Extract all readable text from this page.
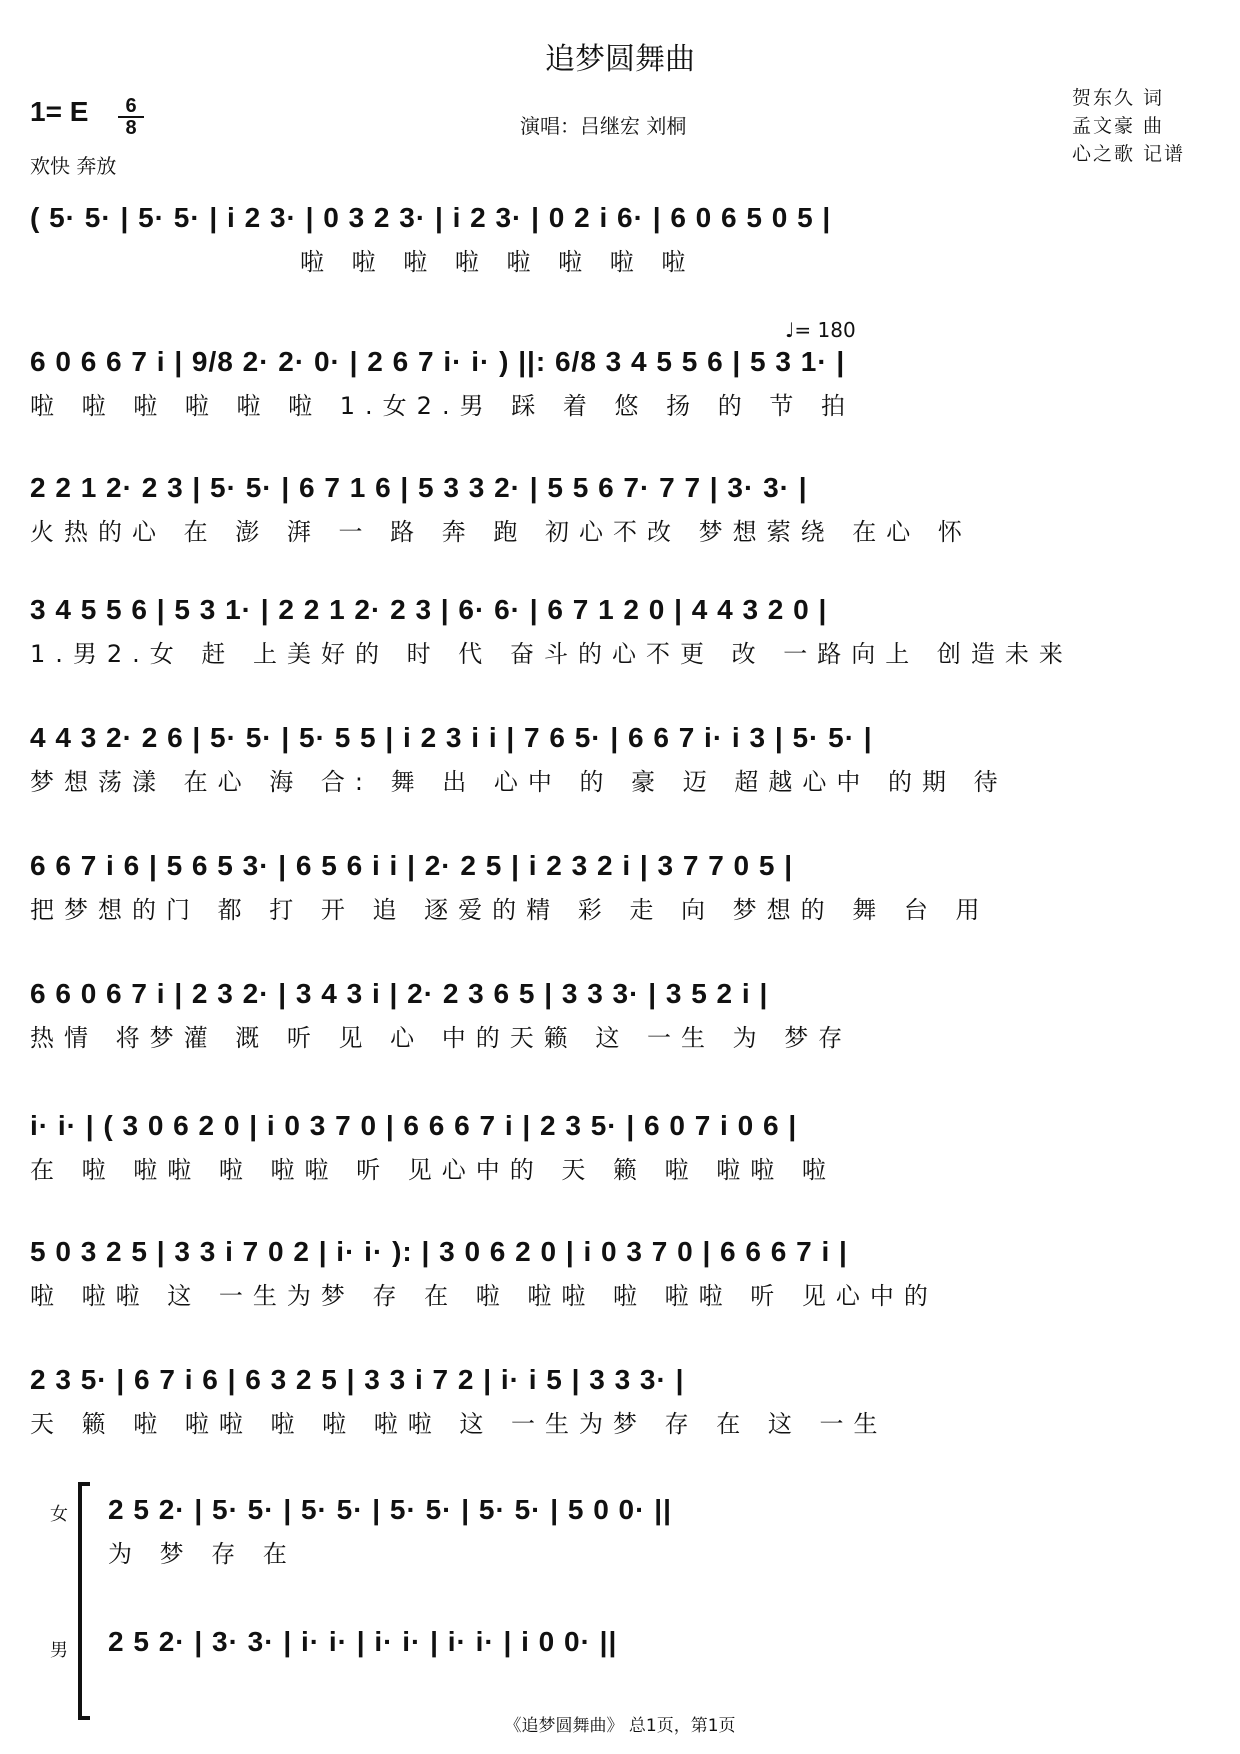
追梦圆舞曲
1= E $\frac{6}{8}$
欢快 奔放
演唱：吕继宏 刘桐
贺东久 词
孟文豪 曲
心之歌 记谱
♩= 180
( 5· 5· | 5· 5· | i 2 3· | 0 3 2 3· | i 2 3· | 0 2 i 6· | 6 0 6 5 0 5 |
啦 啦 啦 啦 啦 啦 啦 啦
6 0 6 6 7 i | 9/8 2· 2· 0· | 2 6 7 i· i· ) ||: 6/8 3 4 5 5 6 | 5 3 1· |
啦 啦 啦 啦 啦 啦 1.女2.男 踩 着 悠 扬 的 节 拍
2 2 1 2· 2 3 | 5· 5· | 6 7 1 6 | 5 3 3 2· | 5 5 6 7· 7 7 | 3· 3· |
火热的心 在 澎 湃 一 路 奔 跑 初心不改 梦想萦绕 在心 怀
3 4 5 5 6 | 5 3 1· | 2 2 1 2· 2 3 | 6· 6· | 6 7 1 2 0 | 4 4 3 2 0 |
1.男2.女 赶 上美好的 时 代 奋斗的心不更 改 一路向上 创造未来
4 4 3 2· 2 6 | 5· 5· | 5· 5 5 | i 2 3 i i | 7 6 5· | 6 6 7 i· i 3 | 5· 5· |
梦想荡漾 在心 海 合: 舞 出 心中 的 豪 迈 超越心中 的期 待
6 6 7 i 6 | 5 6 5 3· | 6 5 6 i i | 2· 2 5 | i 2 3 2 i | 3 7 7 0 5 |
把梦想的门 都 打 开 追 逐爱的精 彩 走 向 梦想的 舞 台 用
6 6 0 6 7 i | 2 3 2· | 3 4 3 i | 2· 2 3 6 5 | 3 3 3· | 3 5 2 i |
热情 将梦灌 溉 听 见 心 中的天籁 这 一生 为 梦存
i· i· | ( 3 0 6 2 0 | i 0 3 7 0 | 6 6 6 7 i | 2 3 5· | 6 0 7 i 0 6 |
在 啦 啦啦 啦 啦啦 听 见心中的 天 籁 啦 啦啦 啦
5 0 3 2 5 | 3 3 i 7 0 2 | i· i· ): | 3 0 6 2 0 | i 0 3 7 0 | 6 6 6 7 i |
啦 啦啦 这 一生为梦 存 在 啦 啦啦 啦 啦啦 听 见心中的
2 3 5· | 6 7 i 6 | 6 3 2 5 | 3 3 i 7 2 | i· i 5 | 3 3 3· |
天 籁 啦 啦啦 啦 啦 啦啦 这 一生为梦 存 在 这 一生
女
男
2 5 2· | 5· 5· | 5· 5· | 5· 5· | 5· 5· | 5 0 0· ||
为 梦 存 在
2 5 2· | 3· 3· | i· i· | i· i· | i· i· | i 0 0· ||
《追梦圆舞曲》 总1页，第1页
